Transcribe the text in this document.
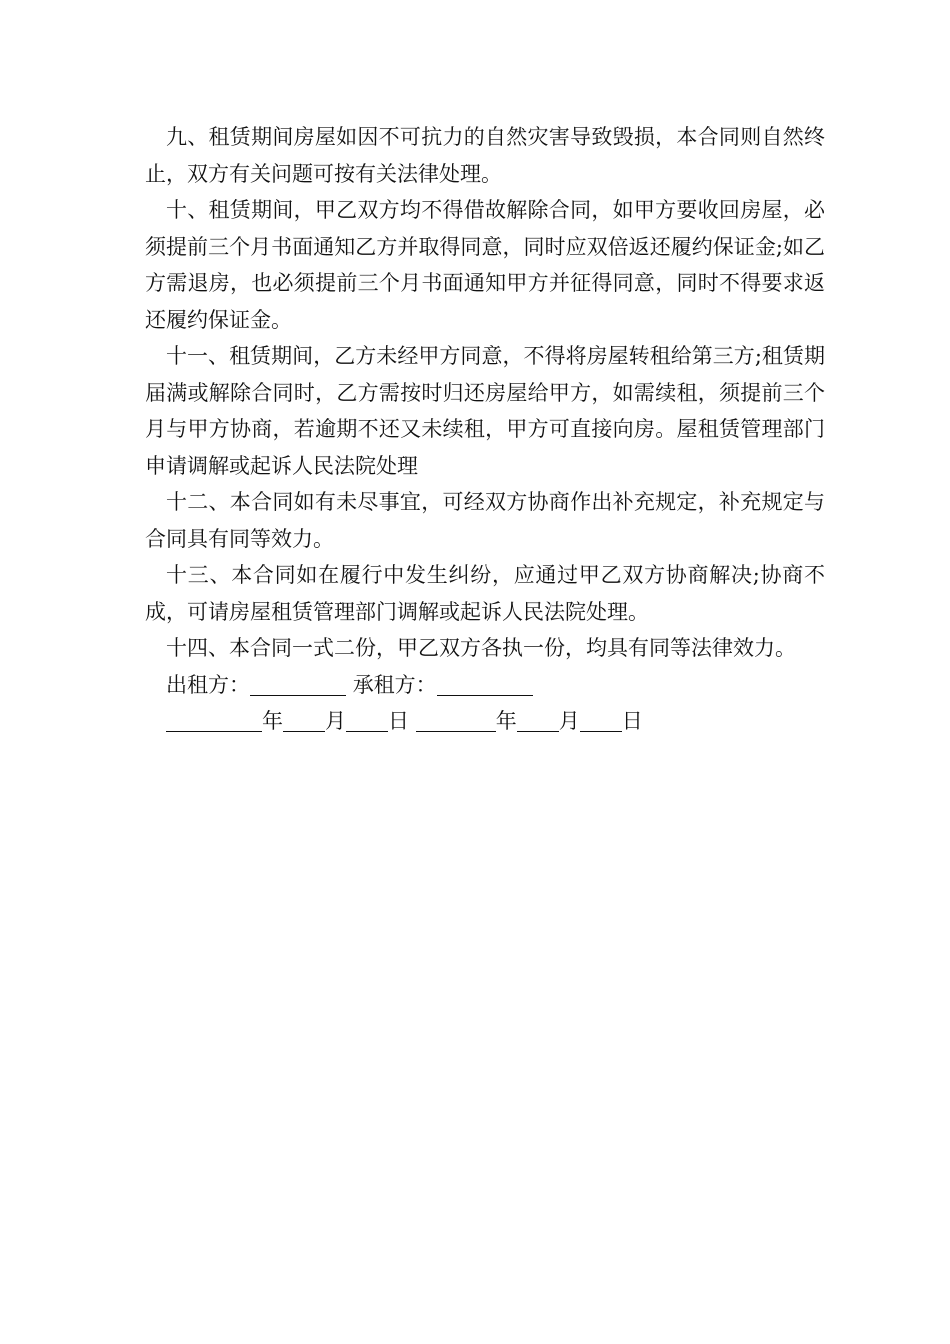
九、租赁期间房屋如因不可抗力的自然灾害导致毁损，本合同则自然终止，双方有关问题可按有关法律处理。

十、租赁期间，甲乙双方均不得借故解除合同，如甲方要收回房屋，必须提前三个月书面通知乙方并取得同意，同时应双倍返还履约保证金;如乙方需退房，也必须提前三个月书面通知甲方并征得同意，同时不得要求返还履约保证金。

十一、租赁期间，乙方未经甲方同意，不得将房屋转租给第三方;租赁期届满或解除合同时，乙方需按时归还房屋给甲方，如需续租，须提前三个月与甲方协商，若逾期不还又未续租，甲方可直接向房。屋租赁管理部门申请调解或起诉人民法院处理

十二、本合同如有未尽事宜，可经双方协商作出补充规定，补充规定与合同具有同等效力。

十三、本合同如在履行中发生纠纷，应通过甲乙双方协商解决;协商不成，可请房屋租赁管理部门调解或起诉人民法院处理。

十四、本合同一式二份，甲乙双方各执一份，均具有同等法律效力。

出租方：	承租方：
年 月 日	年 月 日
